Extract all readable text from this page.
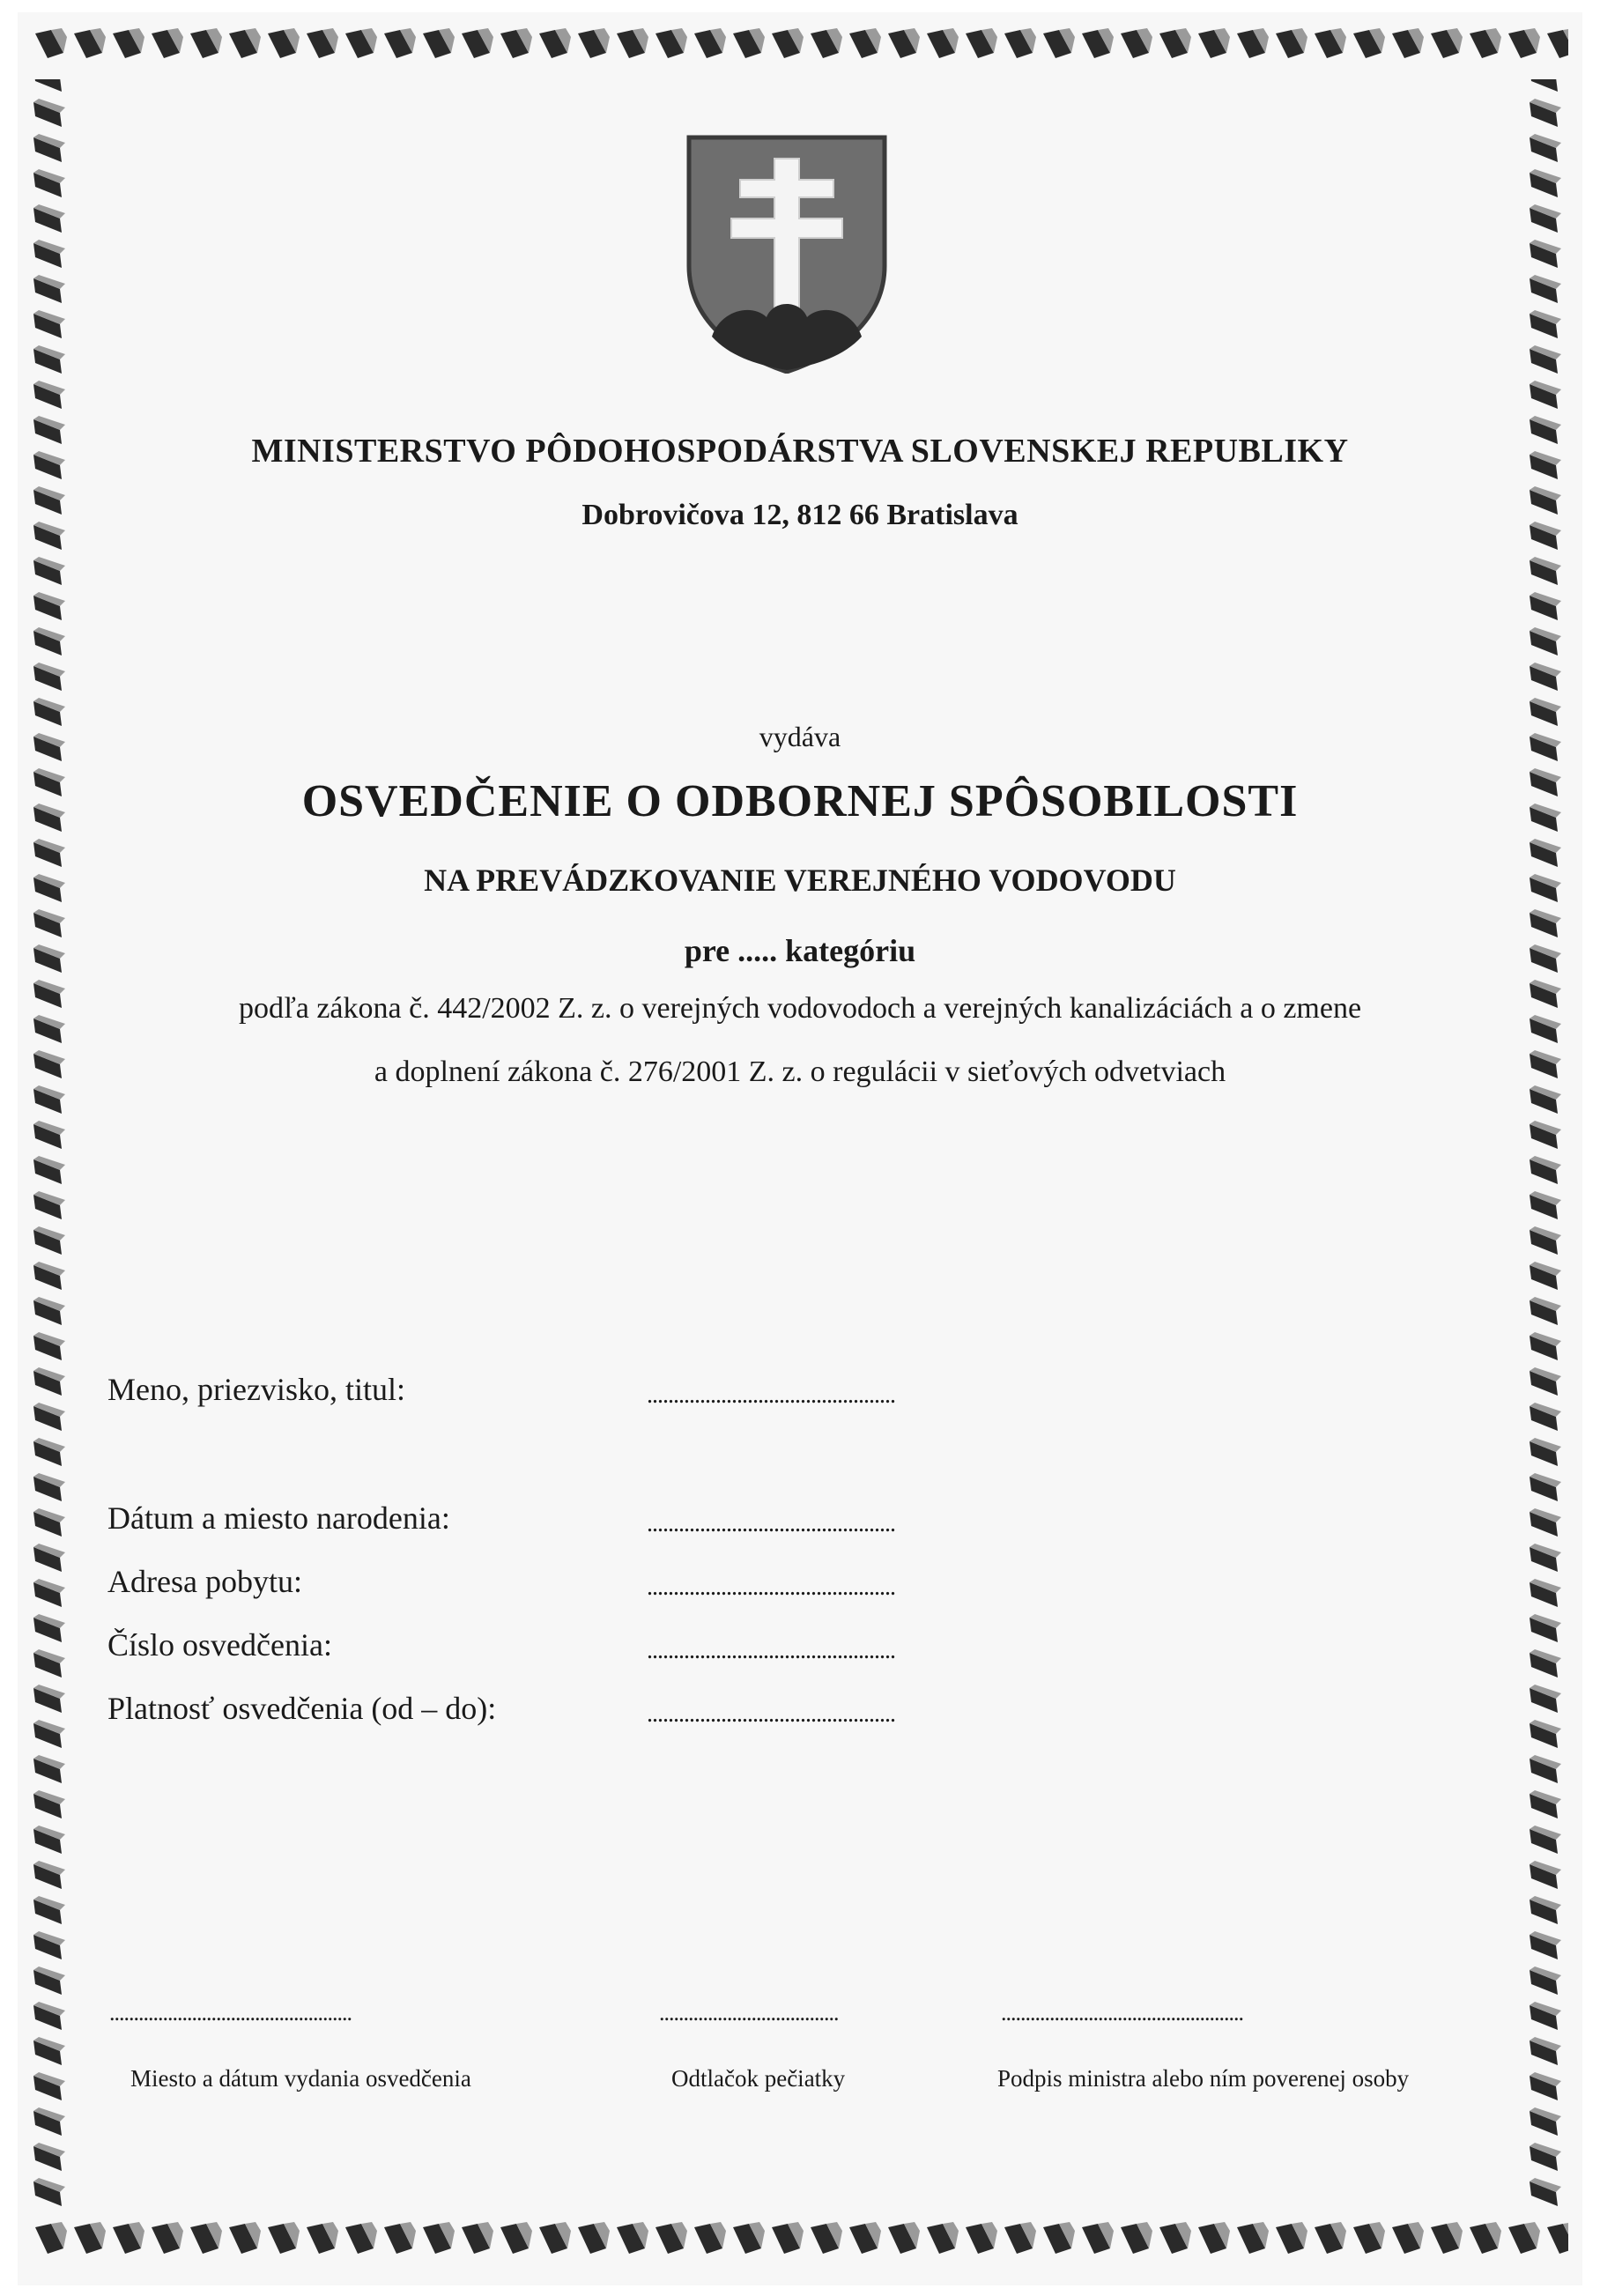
MINISTERSTVO PÔDOHOSPODÁRSTVA SLOVENSKEJ REPUBLIKY
Dobrovičova 12, 812 66 Bratislava
vydáva
OSVEDČENIE O ODBORNEJ SPÔSOBILOSTI
NA PREVÁDZKOVANIE VEREJNÉHO VODOVODU
pre ..... kategóriu
podľa zákona č. 442/2002 Z. z. o verejných vodovodoch a verejných kanalizáciách a o zmene
a doplnení zákona č. 276/2001 Z. z. o regulácii v sieťových odvetviach
Meno, priezvisko, titul:	...............................................
Dátum a miesto narodenia:	...............................................
Adresa pobytu:	...............................................
Číslo osvedčenia:	...............................................
Platnosť osvedčenia (od – do):	...............................................
..................................................
Miesto a dátum vydania osvedčenia
.....................................
Odtlačok pečiatky
..................................................
Podpis ministra alebo ním poverenej osoby
